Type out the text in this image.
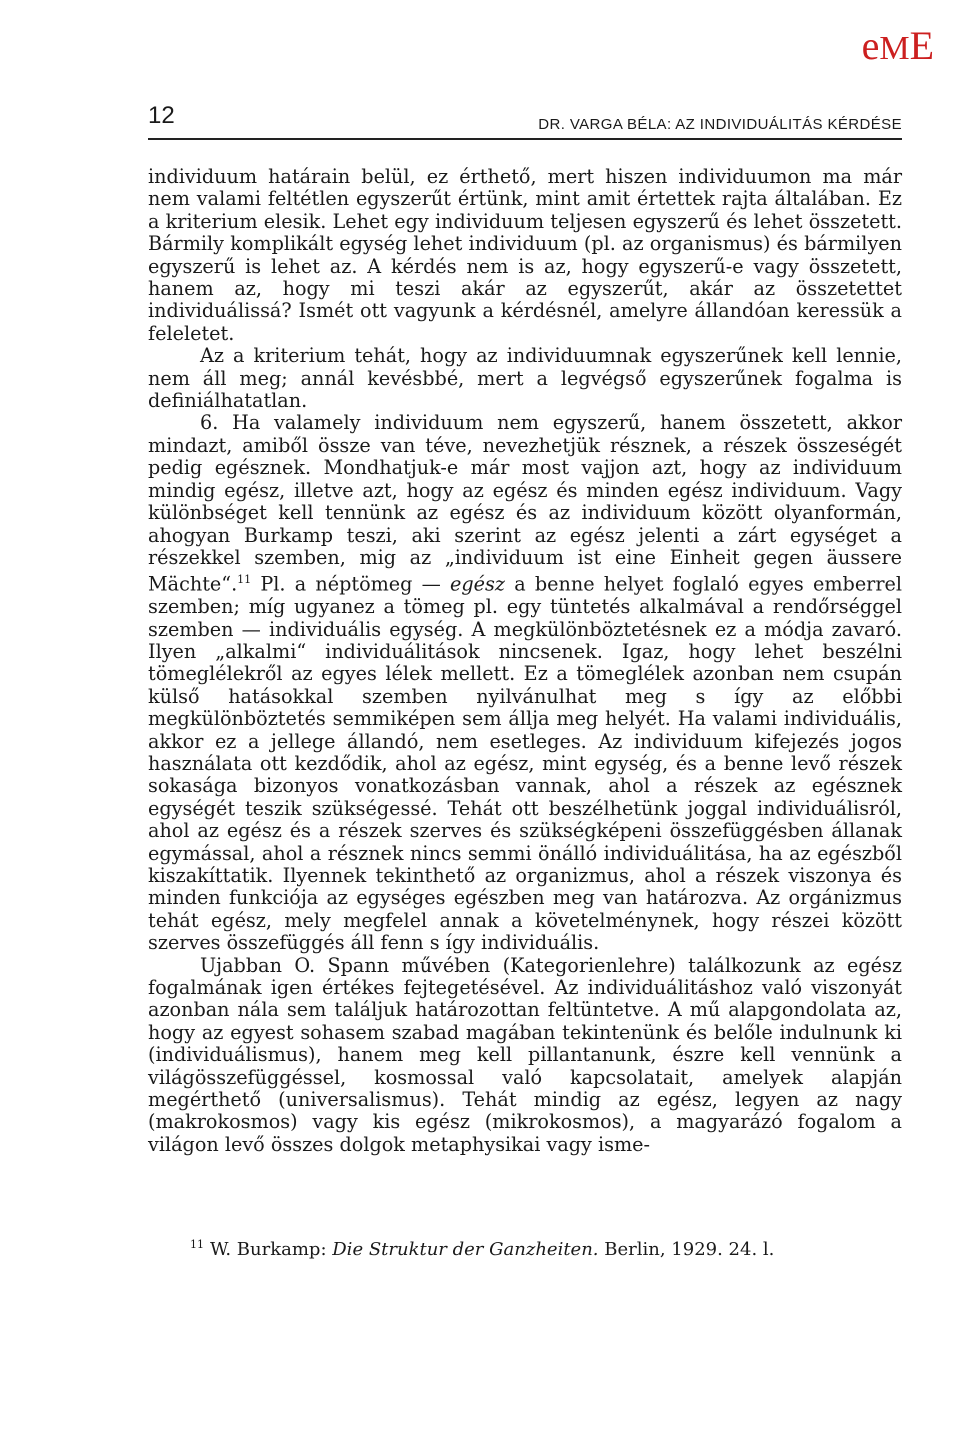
eME
12	DR. VARGA BÉLA: AZ INDIVIDUÁLITÁS KÉRDÉSE

individuum határain belül, ez érthető, mert hiszen individuumon ma már nem valami feltétlen egyszerűt értünk, mint amit értettek rajta általában. Ez a kriterium elesik. Lehet egy individuum teljesen egyszerű és lehet összetett. Bármily komplikált egység lehet individuum (pl. az organismus) és bármilyen egyszerű is lehet az. A kérdés nem is az, hogy egyszerű-e vagy összetett, hanem az, hogy mi teszi akár az egyszerűt, akár az összetettet individuálissá? Ismét ott vagyunk a kérdésnél, amelyre állandóan keressük a feleletet.

Az a kriterium tehát, hogy az individuumnak egyszerűnek kell lennie, nem áll meg; annál kevésbbé, mert a legvégső egyszerűnek fogalma is definiálhatatlan.

6. Ha valamely individuum nem egyszerű, hanem összetett, akkor mindazt, amiből össze van téve, nevezhetjük résznek, a részek összeségét pedig egésznek. Mondhatjuk-e már most vajjon azt, hogy az individuum mindig egész, illetve azt, hogy az egész és minden egész individuum. Vagy különbséget kell tennünk az egész és az individuum között olyanformán, ahogyan Burkamp teszi, aki szerint az egész jelenti a zárt egységet a részekkel szemben, mig az „individuum ist eine Einheit gegen äussere Mächte“.$^{11}$ Pl. a néptömeg — egész a benne helyet foglaló egyes emberrel szemben; míg ugyanez a tömeg pl. egy tüntetés alkalmával a rendőrséggel szemben — individuális egység. A megkülönböztetésnek ez a módja zavaró. Ilyen „alkalmi“ individuálitások nincsenek. Igaz, hogy lehet beszélni tömeglélekről az egyes lélek mellett. Ez a tömeglélek azonban nem csupán külső hatásokkal szemben nyilvánulhat meg s így az előbbi megkülönböztetés semmiképen sem állja meg helyét. Ha valami individuális, akkor ez a jellege állandó, nem esetleges. Az individuum kifejezés jogos használata ott kezdődik, ahol az egész, mint egység, és a benne levő részek sokasága bizonyos vonatkozásban vannak, ahol a részek az egésznek egységét teszik szükségessé. Tehát ott beszélhetünk joggal individuálisról, ahol az egész és a részek szerves és szükségképeni összefüggésben állanak egymással, ahol a résznek nincs semmi önálló individuálitása, ha az egészből kiszakíttatik. Ilyennek tekinthető az organizmus, ahol a részek viszonya és minden funkciója az egységes egészben meg van határozva. Az orgánizmus tehát egész, mely megfelel annak a követelménynek, hogy részei között szerves összefüggés áll fenn s így individuális.

Ujabban O. Spann művében (Kategorienlehre) találkozunk az egész fogalmának igen értékes fejtegetésével. Az individuálitáshoz való viszonyát azonban nála sem találjuk határozottan feltüntetve. A mű alapgondolata az, hogy az egyest sohasem szabad magában tekintenünk és belőle indulnunk ki (individuálismus), hanem meg kell pillantanunk, észre kell vennünk a világösszefüggéssel, kosmossal való kapcsolatait, amelyek alapján megérthető (universalismus). Tehát mindig az egész, legyen az nagy (makrokosmos) vagy kis egész (mikrokosmos), a magyarázó fogalom a világon levő összes dolgok metaphysikai vagy isme-

$^{11}$ W. Burkamp: Die Struktur der Ganzheiten. Berlin, 1929. 24. l.
